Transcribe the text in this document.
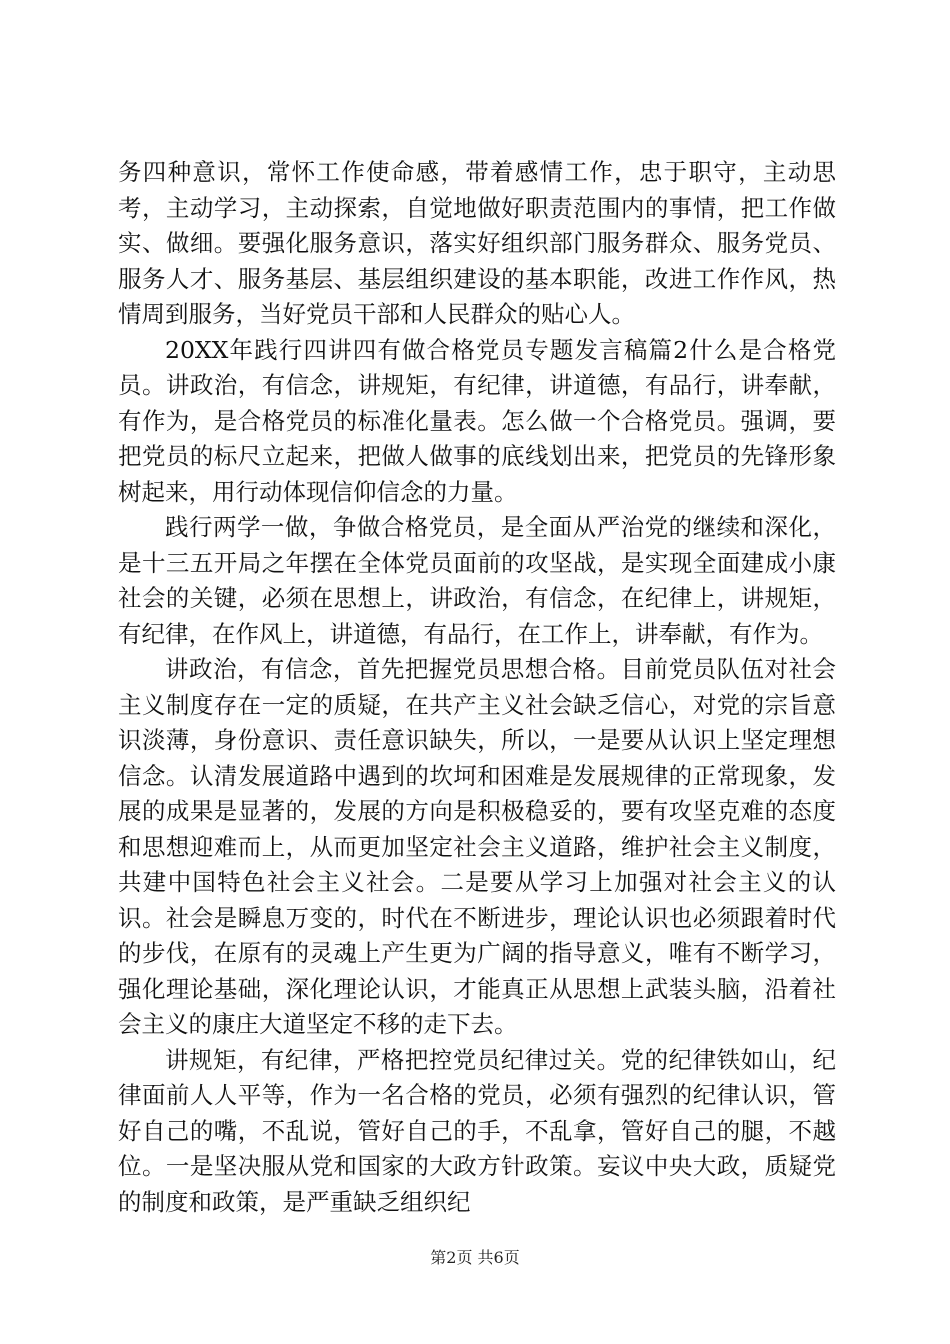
务四种意识，常怀工作使命感，带着感情工作，忠于职守，主动思考，主动学习，主动探索，自觉地做好职责范围内的事情，把工作做实、做细。要强化服务意识，落实好组织部门服务群众、服务党员、服务人才、服务基层、基层组织建设的基本职能，改进工作作风，热情周到服务，当好党员干部和人民群众的贴心人。

20XX年践行四讲四有做合格党员专题发言稿篇2什么是合格党员。讲政治，有信念，讲规矩，有纪律，讲道德，有品行，讲奉献，有作为，是合格党员的标准化量表。怎么做一个合格党员。强调，要把党员的标尺立起来，把做人做事的底线划出来，把党员的先锋形象树起来，用行动体现信仰信念的力量。

践行两学一做，争做合格党员，是全面从严治党的继续和深化，是十三五开局之年摆在全体党员面前的攻坚战，是实现全面建成小康社会的关键，必须在思想上，讲政治，有信念，在纪律上，讲规矩，有纪律，在作风上，讲道德，有品行，在工作上，讲奉献，有作为。

讲政治，有信念，首先把握党员思想合格。目前党员队伍对社会主义制度存在一定的质疑，在共产主义社会缺乏信心，对党的宗旨意识淡薄，身份意识、责任意识缺失，所以，一是要从认识上坚定理想信念。认清发展道路中遇到的坎坷和困难是发展规律的正常现象，发展的成果是显著的，发展的方向是积极稳妥的，要有攻坚克难的态度和思想迎难而上，从而更加坚定社会主义道路，维护社会主义制度，共建中国特色社会主义社会。二是要从学习上加强对社会主义的认识。社会是瞬息万变的，时代在不断进步，理论认识也必须跟着时代的步伐，在原有的灵魂上产生更为广阔的指导意义，唯有不断学习，强化理论基础，深化理论认识，才能真正从思想上武装头脑，沿着社会主义的康庄大道坚定不移的走下去。

讲规矩，有纪律，严格把控党员纪律过关。党的纪律铁如山，纪律面前人人平等，作为一名合格的党员，必须有强烈的纪律认识，管好自己的嘴，不乱说，管好自己的手，不乱拿，管好自己的腿，不越位。一是坚决服从党和国家的大政方针政策。妄议中央大政，质疑党的制度和政策，是严重缺乏组织纪

第2页 共6页
